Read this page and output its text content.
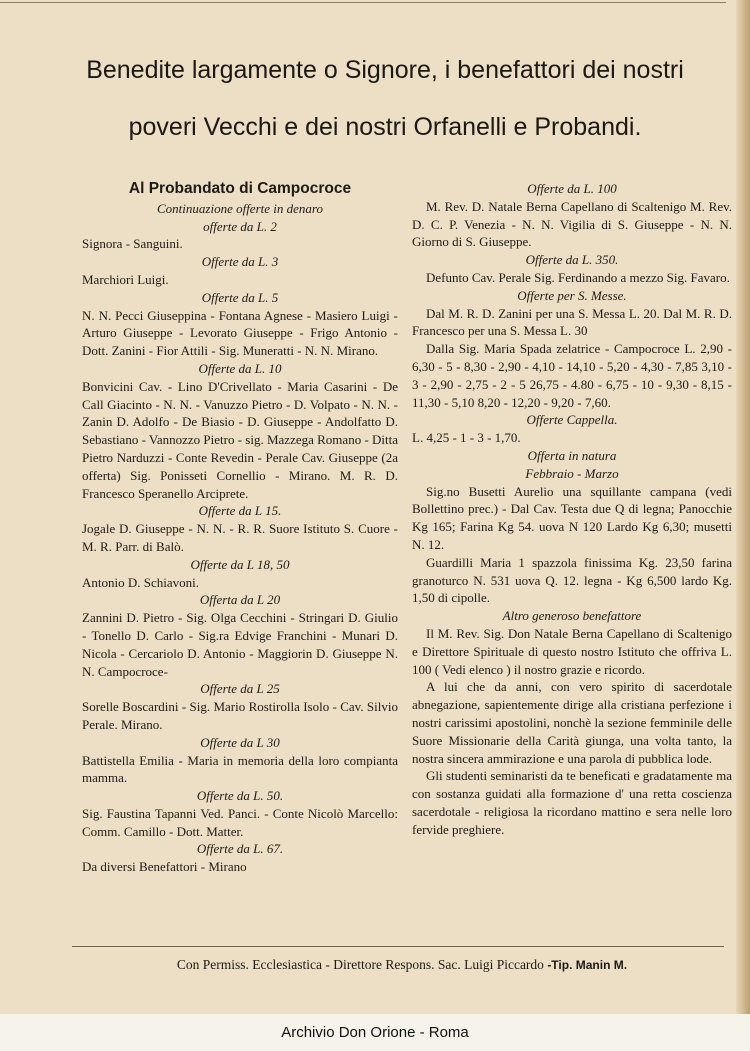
Benedite largamente o Signore, i benefattori dei nostri
poveri Vecchi e dei nostri Orfanelli e Probandi.

Al Probandato di Campocroce

Continuazione offerte in denaro

offerte da L. 2

Signora - Sanguini.

Offerte da L. 3

Marchiori Luigi.

Offerte da L. 5

N. N. Pecci Giuseppina - Fontana Agnese - Masiero Luigi - Arturo Giuseppe - Levorato Giuseppe - Frigo Antonio - Dott. Zanini - Fior Attili - Sig. Muneratti - N. N. Mirano.

Offerte da L. 10

Bonvicini Cav. - Lino D'Crivellato - Maria Casarini - De Call Giacinto - N. N. - Vanuzzo Pietro - D. Volpato - N. N. - Zanin D. Adolfo - De Biasio - D. Giuseppe - Andolfatto D. Sebastiano - Vannozzo Pietro - sig. Mazzega Romano - Ditta Pietro Narduzzi - Conte Revedin - Perale Cav. Giuseppe (2a offerta) Sig. Ponisseti Cornellio - Mirano. M. R. D. Francesco Speranello Arciprete.

Offerte da L 15.

Jogale D. Giuseppe - N. N. - R. R. Suore Istituto S. Cuore - M. R. Parr. di Balò.

Offerte da L 18, 50

Antonio D. Schiavoni.

Offerta da L 20

Zannini D. Pietro - Sig. Olga Cecchini - Stringari D. Giulio - Tonello D. Carlo - Sig.ra Edvige Franchini - Munari D. Nicola - Cercariolo D. Antonio - Maggiorin D. Giuseppe N. N. Campocroce-

Offerte da L 25

Sorelle Boscardini - Sig. Mario Rostirolla Isolo - Cav. Silvio Perale. Mirano.

Offerte da L 30

Battistella Emilia - Maria in memoria della loro compianta mamma.

Offerte da L. 50.

Sig. Faustina Tapanni Ved. Panci. - Conte Nicolò Marcello: Comm. Camillo - Dott. Matter.

Offerte da L. 67.

Da diversi Benefattori - Mirano

Offerte da L. 100

M. Rev. D. Natale Berna Capellano di Scaltenigo M. Rev. D. C. P. Venezia - N. N. Vigilia di S. Giuseppe - N. N. Giorno di S. Giuseppe.

Offerte da L. 350.

Defunto Cav. Perale Sig. Ferdinando a mezzo Sig. Favaro.

Offerte per S. Messe.

Dal M. R. D. Zanini per una S. Messa L. 20. Dal M. R. D. Francesco per una S. Messa L. 30

Dalla Sig. Maria Spada zelatrice - Campocroce L. 2,90 - 6,30 - 5 - 8,30 - 2,90 - 4,10 - 14,10 - 5,20 - 4,30 - 7,85 3,10 - 3 - 2,90 - 2,75 - 2 - 5 26,75 - 4.80 - 6,75 - 10 - 9,30 - 8,15 - 11,30 - 5,10 8,20 - 12,20 - 9,20 - 7,60.

Offerte Cappella.

L. 4,25 - 1 - 3 - 1,70.

Offerta in natura

Febbraio - Marzo

Sig.no Busetti Aurelio una squillante campana (vedi Bollettino prec.) - Dal Cav. Testa due Q di legna; Panocchie Kg 165; Farina Kg 54. uova N 120 Lardo Kg 6,30; musetti N. 12.

Guardilli Maria 1 spazzola finissima Kg. 23,50 farina granoturco N. 531 uova Q. 12. legna - Kg 6,500 lardo Kg. 1,50 di cipolle.

Altro generoso benefattore

Il M. Rev. Sig. Don Natale Berna Capellano di Scaltenigo e Direttore Spirituale di questo nostro Istituto che offriva L. 100 ( Vedi elenco ) il nostro grazie e ricordo.

A lui che da anni, con vero spirito di sacerdotale abnegazione, sapientemente dirige alla cristiana perfezione i nostri carissimi apostolini, nonchè la sezione femminile delle Suore Missionarie della Carità giunga, una volta tanto, la nostra sincera ammirazione e una parola di pubblica lode.

Gli studenti seminaristi da te beneficati e gradatamente ma con sostanza guidati alla formazione d' una retta coscienza sacerdotale - religiosa la ricordano mattino e sera nelle loro fervide preghiere.

Con Permiss. Ecclesiastica - Direttore Respons. Sac. Luigi Piccardo -Tip. Manin M.
Archivio Don Orione - Roma
